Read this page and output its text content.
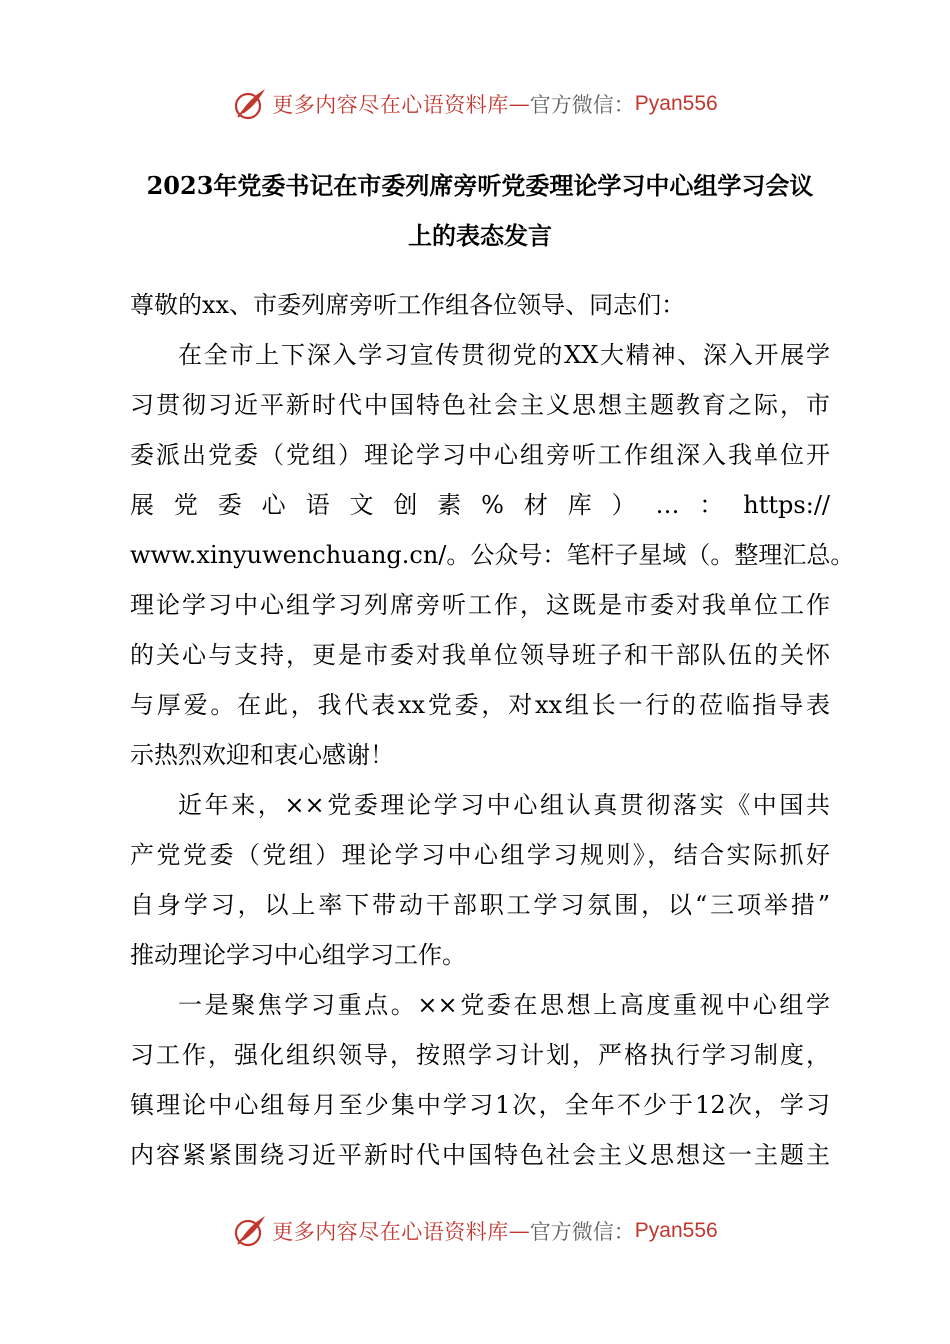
更多内容尽在心语资料库 — 官方微信： Pyan556
2023年党委书记在市委列席旁听党委理论学习中心组学习会议
上的表态发言
尊敬的xx、市委列席旁听工作组各位领导、同志们：
在全市上下深入学习宣传贯彻党的XX大精神、深入开展学
习贯彻习近平新时代中国特色社会主义思想主题教育之际，市
委派出党委（党组）理论学习中心组旁听工作组深入我单位开
展党委心语文创素%材库）…：https://
www.xinyuwenchuang.cn/。公众号：笔杆子星域（。整理汇总。
理论学习中心组学习列席旁听工作，这既是市委对我单位工作
的关心与支持，更是市委对我单位领导班子和干部队伍的关怀
与厚爱。在此，我代表xx党委，对xx组长一行的莅临指导表
示热烈欢迎和衷心感谢！
近年来，××党委理论学习中心组认真贯彻落实《中国共
产党党委（党组）理论学习中心组学习规则》，结合实际抓好
自身学习，以上率下带动干部职工学习氛围，以“三项举措”
推动理论学习中心组学习工作。
一是聚焦学习重点。××党委在思想上高度重视中心组学
习工作，强化组织领导，按照学习计划，严格执行学习制度，
镇理论中心组每月至少集中学习1次，全年不少于12次，学习
内容紧紧围绕习近平新时代中国特色社会主义思想这一主题主
更多内容尽在心语资料库 — 官方微信： Pyan556
